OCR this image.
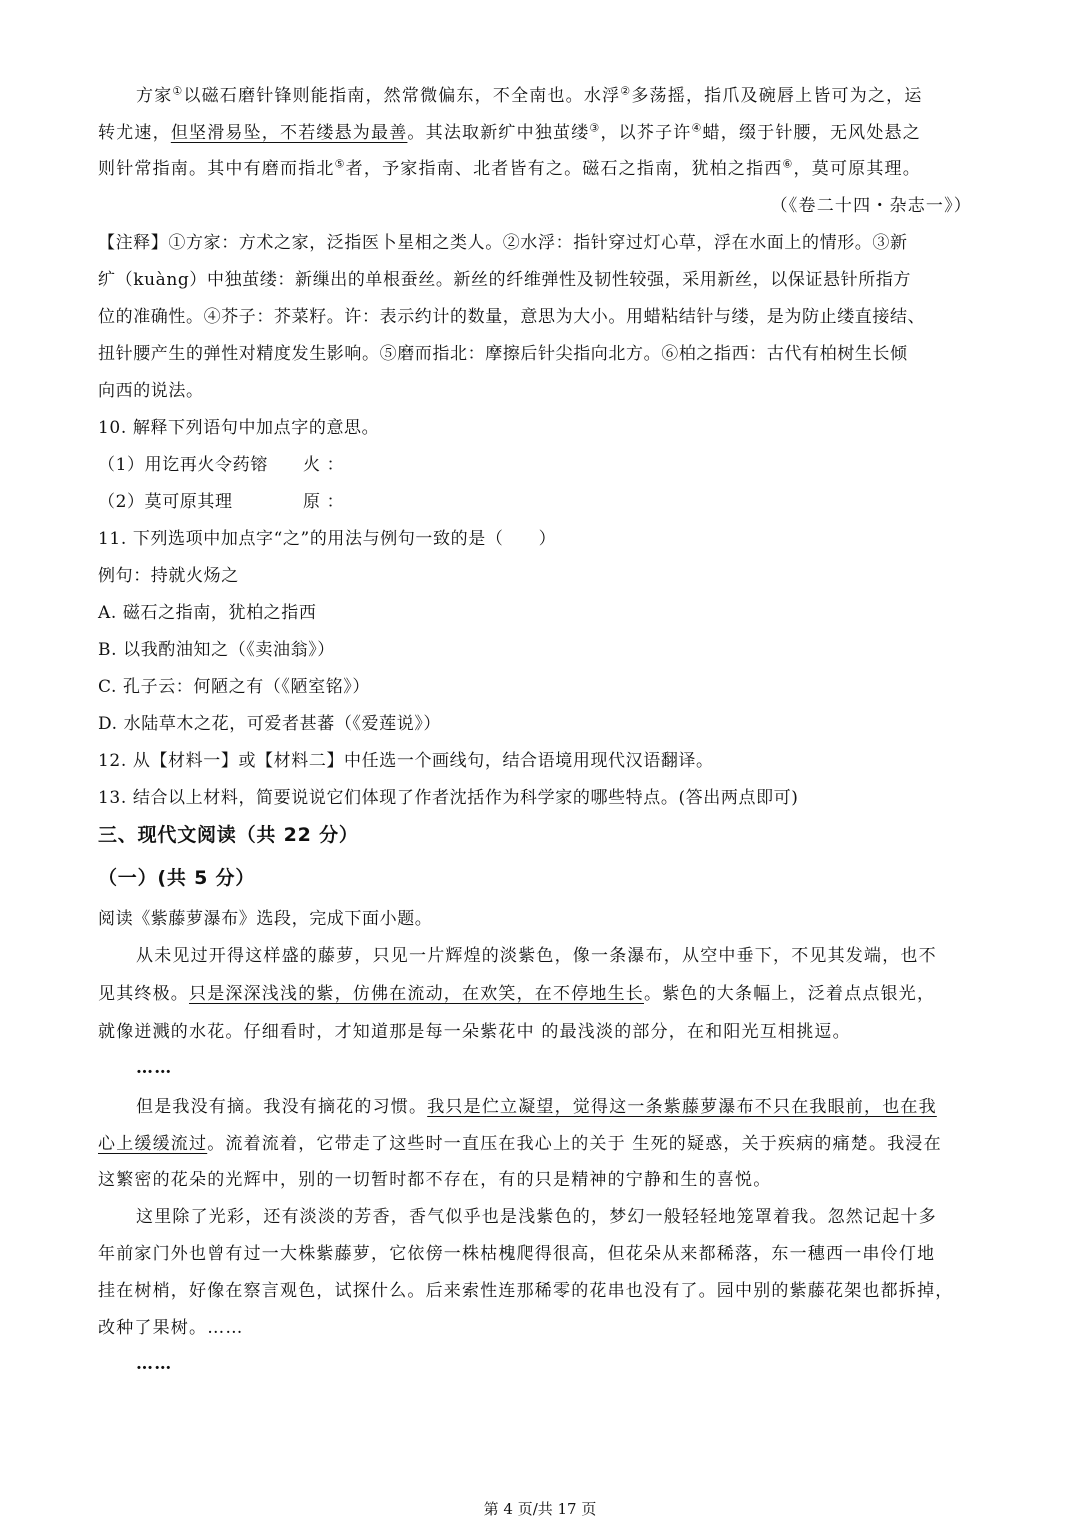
方家①以磁石磨针锋则能指南，然常微偏东，不全南也。水浮②多荡摇，指爪及碗唇上皆可为之，运
转尤速，但坚滑易坠，不若缕悬为最善。其法取新纩中独茧缕③，以芥子许④蜡，缀于针腰，无风处悬之
则针常指南。其中有磨而指北⑤者，予家指南、北者皆有之。磁石之指南，犹柏之指西⑥，莫可原其理。
（《卷二十四・杂志一》）
【注释】①方家：方术之家，泛指医卜星相之类人。②水浮：指针穿过灯心草，浮在水面上的情形。③新
纩（kuàng）中独茧缕：新缫出的单根蚕丝。新丝的纤维弹性及韧性较强，采用新丝，以保证悬针所指方
位的准确性。④芥子：芥菜籽。许：表示约计的数量，意思为大小。用蜡粘结针与缕，是为防止缕直接结、
扭针腰产生的弹性对精度发生影响。⑤磨而指北：摩擦后针尖指向北方。⑥柏之指西：古代有柏树生长倾
向西的说法。
10. 解释下列语句中加点字的意思。
（1）用讫再火令药镕　　火 ：
（2）莫可原其理　　　　原 ：
11. 下列选项中加点字“之”的用法与例句一致的是（　　）
例句：持就火炀之
A. 磁石之指南，犹柏之指西
B. 以我酌油知之（《卖油翁》）
C. 孔子云：何陋之有（《陋室铭》）
D. 水陆草木之花，可爱者甚蕃（《爱莲说》）
12. 从【材料一】或【材料二】中任选一个画线句，结合语境用现代汉语翻译。
13. 结合以上材料，简要说说它们体现了作者沈括作为科学家的哪些特点。(答出两点即可)
三、现代文阅读（共 22 分）
（一）(共 5 分）
阅读《紫藤萝瀑布》选段，完成下面小题。
从未见过开得这样盛的藤萝，只见一片辉煌的淡紫色，像一条瀑布，从空中垂下，不见其发端，也不
见其终极。只是深深浅浅的紫，仿佛在流动，在欢笑，在不停地生长。紫色的大条幅上，泛着点点银光，
就像迸溅的水花。仔细看时，才知道那是每一朵紫花中 的最浅淡的部分，在和阳光互相挑逗。
……
但是我没有摘。我没有摘花的习惯。我只是伫立凝望，觉得这一条紫藤萝瀑布不只在我眼前，也在我
心上缓缓流过。流着流着，它带走了这些时一直压在我心上的关于 生死的疑惑，关于疾病的痛楚。我浸在
这繁密的花朵的光辉中，别的一切暂时都不存在，有的只是精神的宁静和生的喜悦。
这里除了光彩，还有淡淡的芳香，香气似乎也是浅紫色的，梦幻一般轻轻地笼罩着我。忽然记起十多
年前家门外也曾有过一大株紫藤萝，它依傍一株枯槐爬得很高，但花朵从来都稀落，东一穗西一串伶仃地
挂在树梢，好像在察言观色，试探什么。后来索性连那稀零的花串也没有了。园中别的紫藤花架也都拆掉，
改种了果树。……
……
第 4 页/共 17 页
